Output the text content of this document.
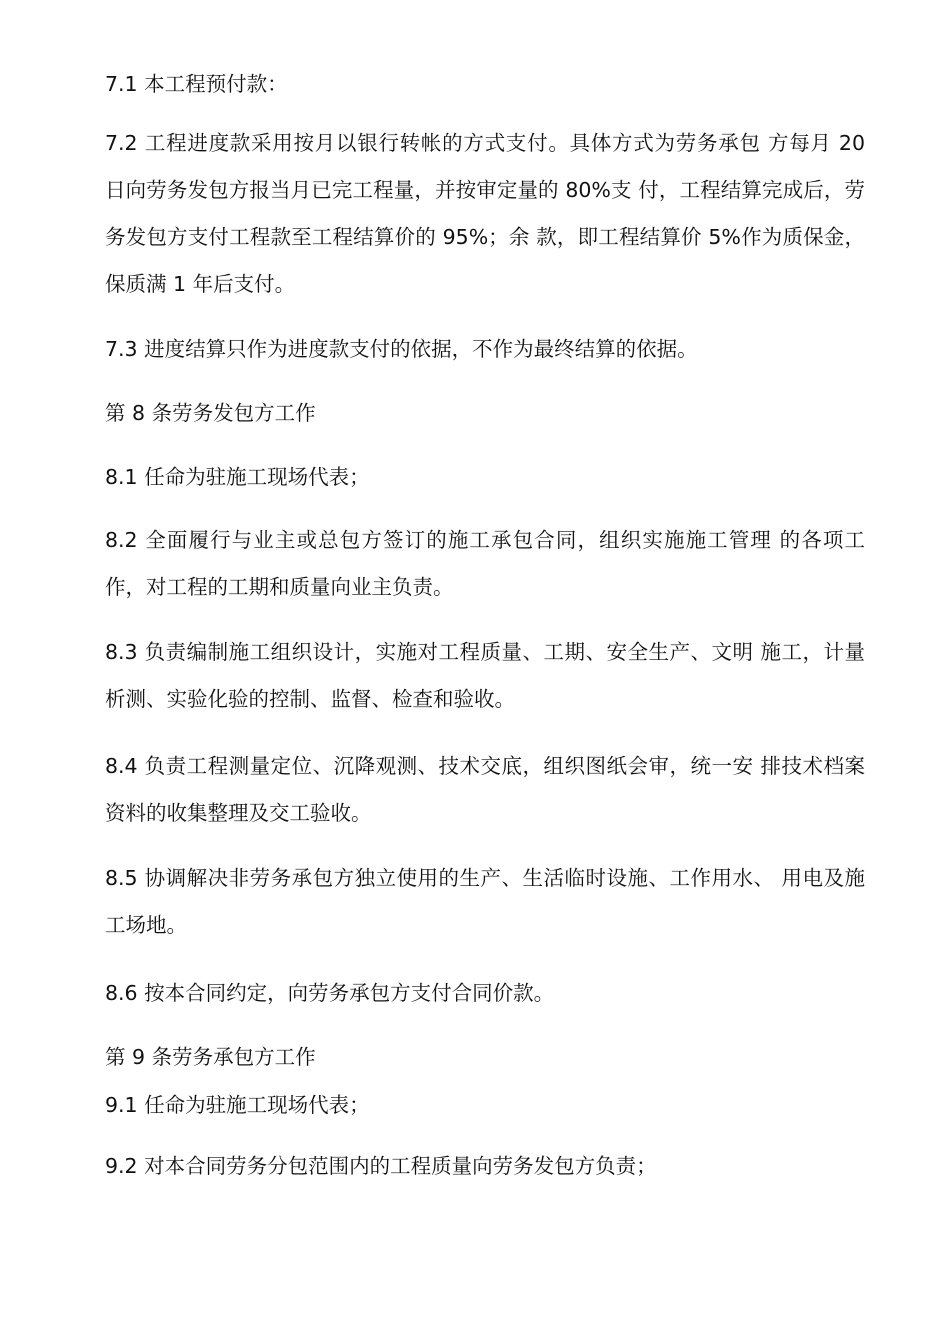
7.1 本工程预付款：

7.2 工程进度款采用按月以银行转帐的方式支付。具体方式为劳务承包 方每月 20 日向劳务发包方报当月已完工程量，并按审定量的 80%支 付，工程结算完成后，劳务发包方支付工程款至工程结算价的 95%；余 款，即工程结算价 5%作为质保金，保质满 1 年后支付。

7.3 进度结算只作为进度款支付的依据，不作为最终结算的依据。

第 8 条劳务发包方工作

8.1 任命为驻施工现场代表；

8.2 全面履行与业主或总包方签订的施工承包合同，组织实施施工管理 的各项工作，对工程的工期和质量向业主负责。

8.3 负责编制施工组织设计，实施对工程质量、工期、安全生产、文明 施工，计量析测、实验化验的控制、监督、检查和验收。

8.4 负责工程测量定位、沉降观测、技术交底，组织图纸会审，统一安 排技术档案资料的收集整理及交工验收。

8.5 协调解决非劳务承包方独立使用的生产、生活临时设施、工作用水、 用电及施工场地。

8.6 按本合同约定，向劳务承包方支付合同价款。

第 9 条劳务承包方工作

9.1 任命为驻施工现场代表；

9.2 对本合同劳务分包范围内的工程质量向劳务发包方负责；
